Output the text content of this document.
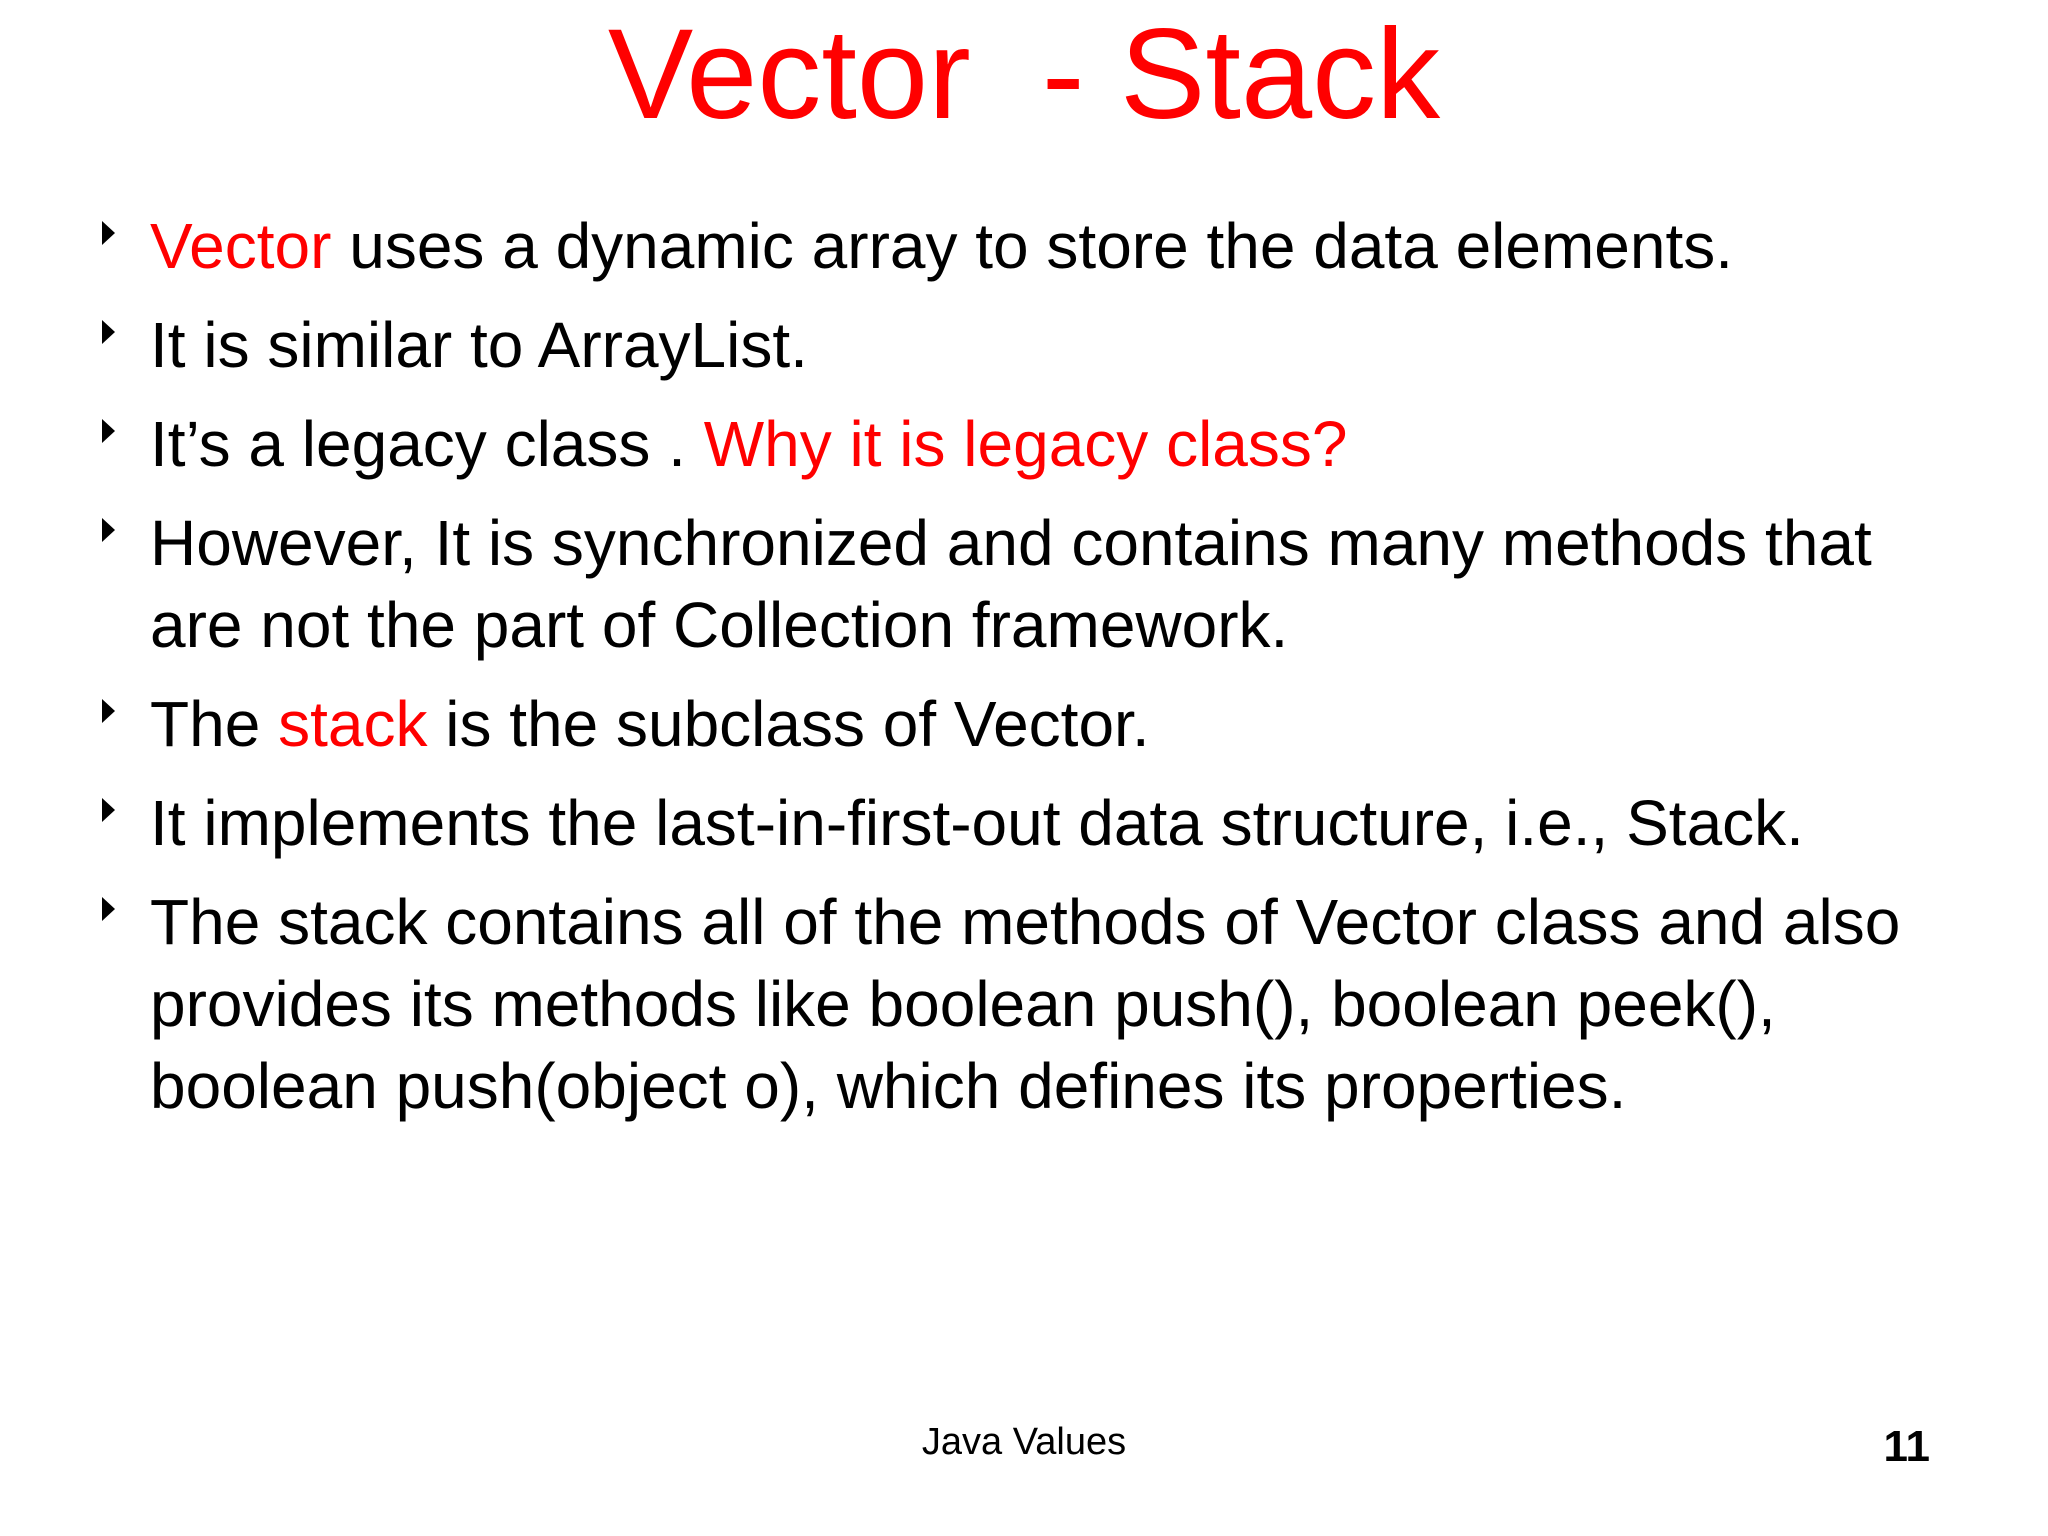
Vector  - Stack
Vector uses a dynamic array to store the data elements.
It is similar to ArrayList.
It’s a legacy class . Why it is legacy class?
However, It is synchronized and contains many methods that
are not the part of Collection framework.
The stack is the subclass of Vector.
It implements the last-in-first-out data structure, i.e., Stack.
The stack contains all of the methods of Vector class and also
provides its methods like boolean push(), boolean peek(),
boolean push(object o), which defines its properties.
Java Values	11
